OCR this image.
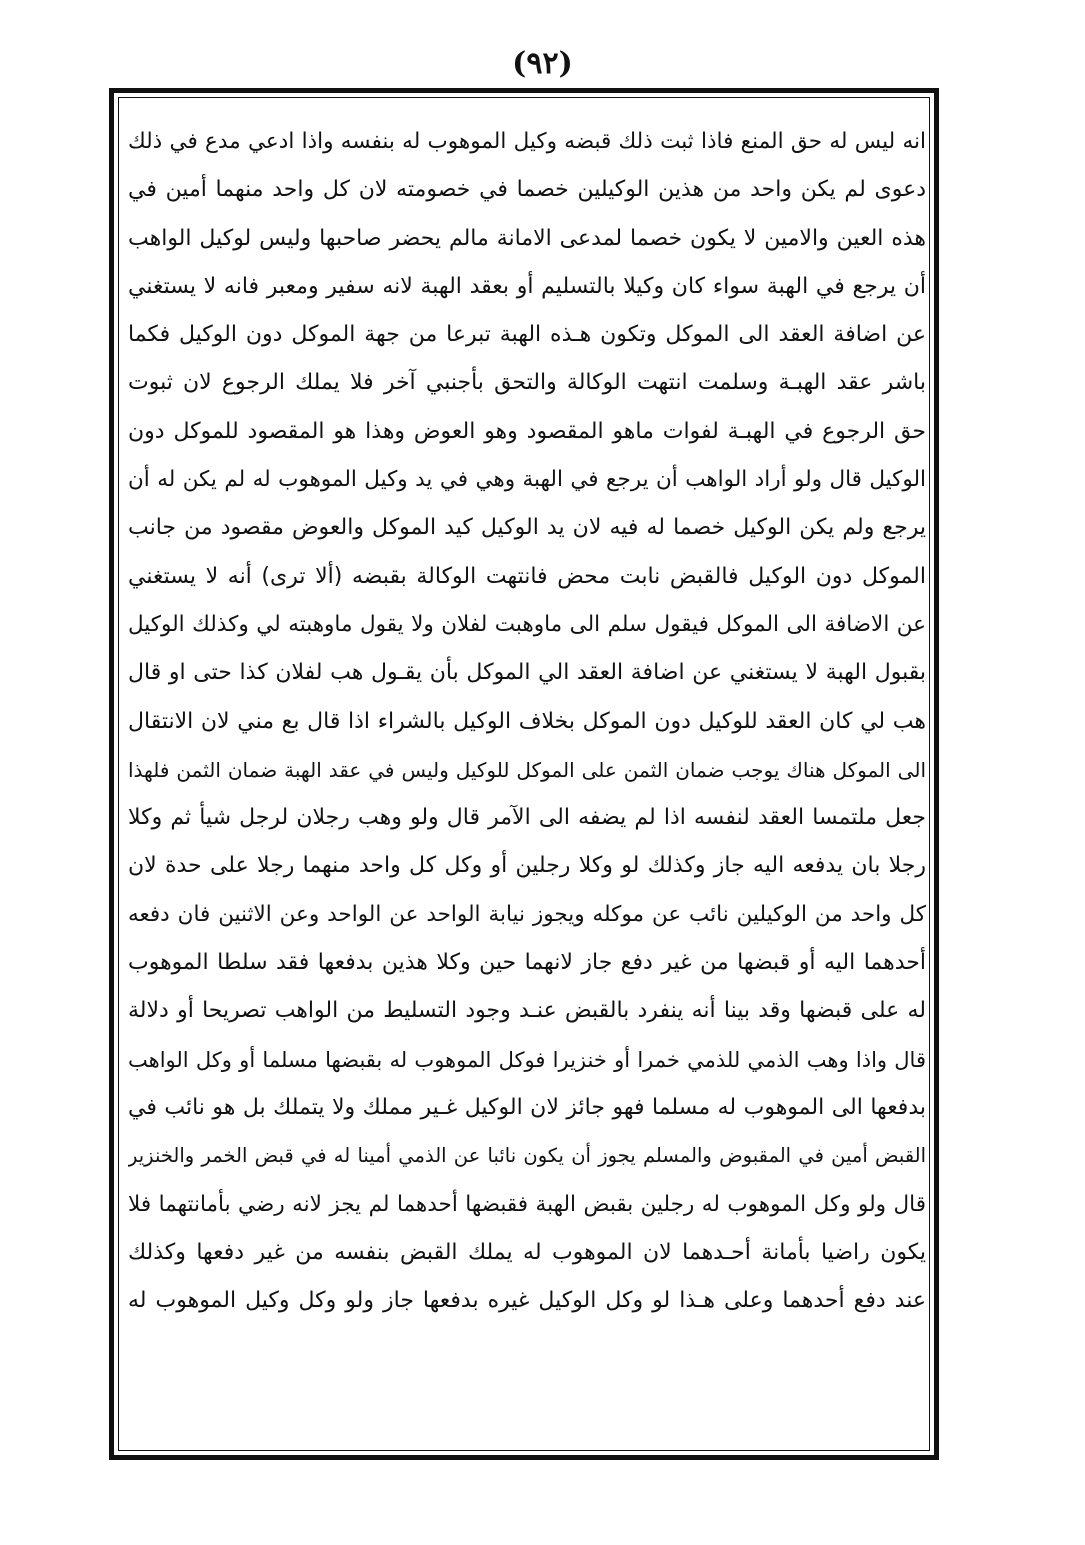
(٩٢)
انه ليس له حق المنع فاذا ثبت ذلك قبضه وكيل الموهوب له بنفسه واذا ادعي مدع في ذلك
دعوى لم يكن واحد من هذين الوكيلين خصما في خصومته لان كل واحد منهما أمين في
هذه العين والامين لا يكون خصما لمدعى الامانة مالم يحضر صاحبها وليس لوكيل الواهب
أن يرجع في الهبة سواء كان وكيلا بالتسليم أو بعقد الهبة لانه سفير ومعبر فانه لا يستغني
عن اضافة العقد الى الموكل وتكون هـذه الهبة تبرعا من جهة الموكل دون الوكيل فكما
باشر عقد الهبـة وسلمت انتهت الوكالة والتحق بأجنبي آخر فلا يملك الرجوع لان ثبوت
حق الرجوع في الهبـة لفوات ماهو المقصود وهو العوض وهذا هو المقصود للموكل دون
الوكيل قال ولو أراد الواهب أن يرجع في الهبة وهي في يد وكيل الموهوب له لم يكن له أن
يرجع ولم يكن الوكيل خصما له فيه لان يد الوكيل كيد الموكل والعوض مقصود من جانب
الموكل دون الوكيل فالقبض نابت محض فانتهت الوكالة بقبضه (ألا ترى) أنه لا يستغني
عن الاضافة الى الموكل فيقول سلم الى ماوهبت لفلان ولا يقول ماوهبته لي وكذلك الوكيل
بقبول الهبة لا يستغني عن اضافة العقد الي الموكل بأن يقـول هب لفلان كذا حتى او قال
هب لي كان العقد للوكيل دون الموكل بخلاف الوكيل بالشراء اذا قال بع مني لان الانتقال
الى الموكل هناك يوجب ضمان الثمن على الموكل للوكيل وليس في عقد الهبة ضمان الثمن فلهذا
جعل ملتمسا العقد لنفسه اذا لم يضفه الى الآمر قال ولو وهب رجلان لرجل شيأ ثم وكلا
رجلا بان يدفعه اليه جاز وكذلك لو وكلا رجلين أو وكل كل واحد منهما رجلا على حدة لان
كل واحد من الوكيلين نائب عن موكله ويجوز نيابة الواحد عن الواحد وعن الاثنين فان دفعه
أحدهما اليه أو قبضها من غير دفع جاز لانهما حين وكلا هذين بدفعها فقد سلطا الموهوب
له على قبضها وقد بينا أنه ينفرد بالقبض عنـد وجود التسليط من الواهب تصريحا أو دلالة
قال واذا وهب الذمي للذمي خمرا أو خنزيرا فوكل الموهوب له بقبضها مسلما أو وكل الواهب
بدفعها الى الموهوب له مسلما فهو جائز لان الوكيل غـير مملك ولا يتملك بل هو نائب في
القبض أمين في المقبوض والمسلم يجوز أن يكون نائبا عن الذمي أمينا له في قبض الخمر والخنزير
قال ولو وكل الموهوب له رجلين بقبض الهبة فقبضها أحدهما لم يجز لانه رضي بأمانتهما فلا
يكون راضيا بأمانة أحـدهما لان الموهوب له يملك القبض بنفسه من غير دفعها وكذلك
عند دفع أحدهما وعلى هـذا لو وكل الوكيل غيره بدفعها جاز ولو وكل وكيل الموهوب له
